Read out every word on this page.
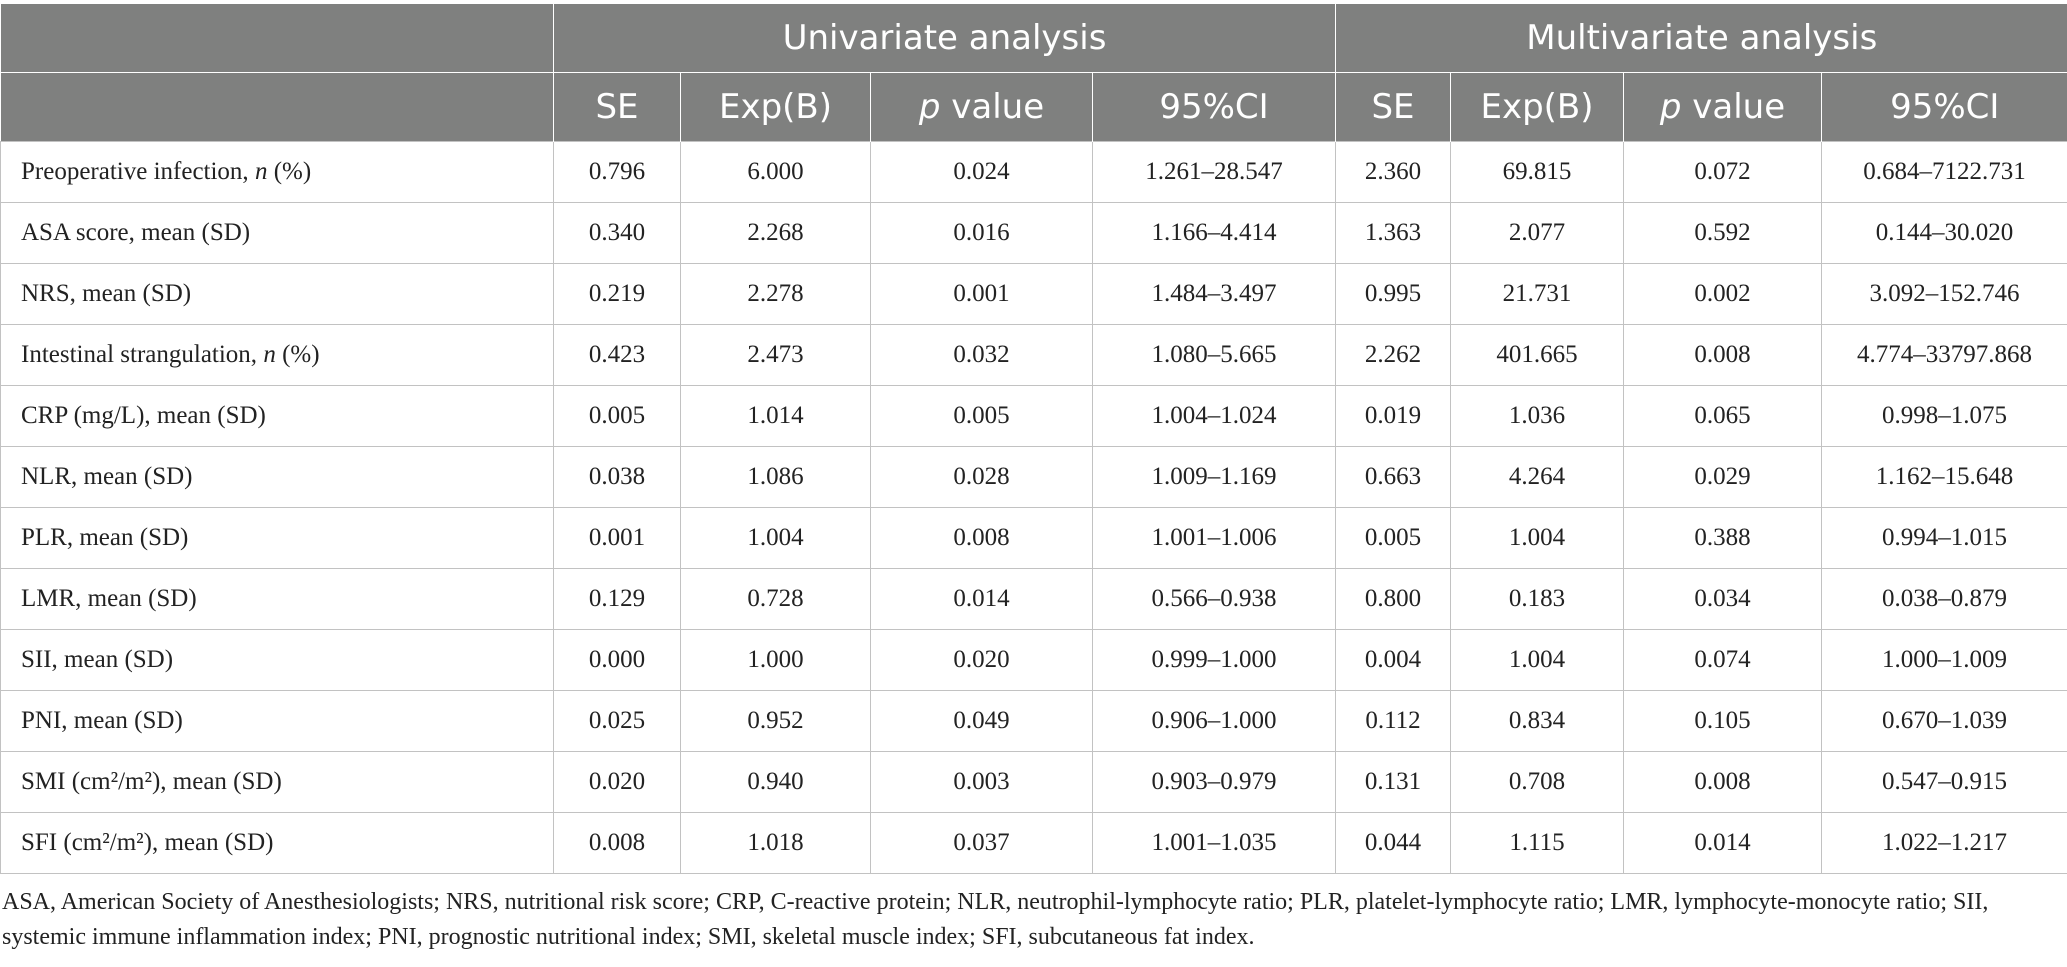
	Univariate analysis				Multivariate analysis			
	SE	Exp(B)	p value	95%CI	SE	Exp(B)	p value	95%CI
Preoperative infection, n (%)	0.796	6.000	0.024	1.261–28.547	2.360	69.815	0.072	0.684–7122.731
ASA score, mean (SD)	0.340	2.268	0.016	1.166–4.414	1.363	2.077	0.592	0.144–30.020
NRS, mean (SD)	0.219	2.278	0.001	1.484–3.497	0.995	21.731	0.002	3.092–152.746
Intestinal strangulation, n (%)	0.423	2.473	0.032	1.080–5.665	2.262	401.665	0.008	4.774–33797.868
CRP (mg/L), mean (SD)	0.005	1.014	0.005	1.004–1.024	0.019	1.036	0.065	0.998–1.075
NLR, mean (SD)	0.038	1.086	0.028	1.009–1.169	0.663	4.264	0.029	1.162–15.648
PLR, mean (SD)	0.001	1.004	0.008	1.001–1.006	0.005	1.004	0.388	0.994–1.015
LMR, mean (SD)	0.129	0.728	0.014	0.566–0.938	0.800	0.183	0.034	0.038–0.879
SII, mean (SD)	0.000	1.000	0.020	0.999–1.000	0.004	1.004	0.074	1.000–1.009
PNI, mean (SD)	0.025	0.952	0.049	0.906–1.000	0.112	0.834	0.105	0.670–1.039
SMI (cm²/m²), mean (SD)	0.020	0.940	0.003	0.903–0.979	0.131	0.708	0.008	0.547–0.915
SFI (cm²/m²), mean (SD)	0.008	1.018	0.037	1.001–1.035	0.044	1.115	0.014	1.022–1.217
ASA, American Society of Anesthesiologists; NRS, nutritional risk score; CRP, C-reactive protein; NLR, neutrophil-lymphocyte ratio; PLR, platelet-lymphocyte ratio; LMR, lymphocyte-monocyte ratio; SII, systemic immune inflammation index; PNI, prognostic nutritional index; SMI, skeletal muscle index; SFI, subcutaneous fat index.
